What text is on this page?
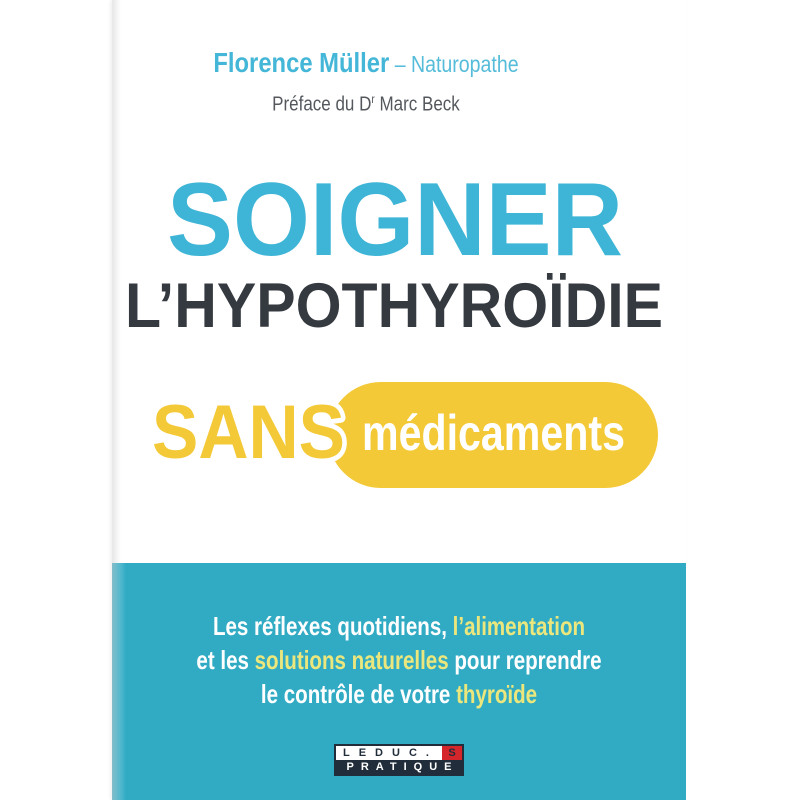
Florence Müller – Naturopathe
Préface du $D^r$ Marc Beck
SOIGNER
L’HYPOTHYROÏDIE
SANS médicaments
Les réflexes quotidiens, l’alimentation
et les solutions naturelles pour reprendre
le contrôle de votre thyroïde
LEDUC. S
PRATIQUE
